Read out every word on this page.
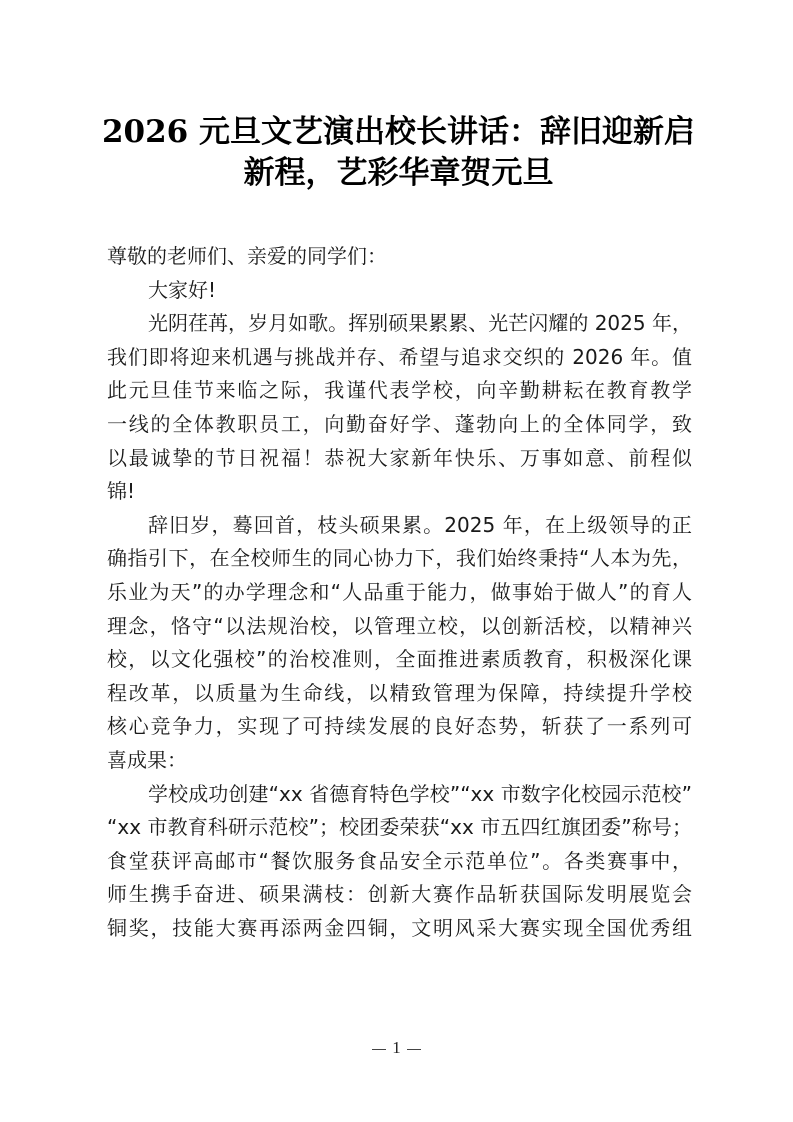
2026 元旦文艺演出校长讲话：辞旧迎新启
新程，艺彩华章贺元旦
尊敬的老师们、亲爱的同学们：
大家好!
光阴荏苒，岁月如歌。挥别硕果累累、光芒闪耀的 2025 年，
我们即将迎来机遇与挑战并存、希望与追求交织的 2026 年。值
此元旦佳节来临之际，我谨代表学校，向辛勤耕耘在教育教学
一线的全体教职员工，向勤奋好学、蓬勃向上的全体同学，致
以最诚挚的节日祝福！恭祝大家新年快乐、万事如意、前程似
锦!
辞旧岁，蓦回首，枝头硕果累。2025 年，在上级领导的正
确指引下，在全校师生的同心协力下，我们始终秉持“人本为先，
乐业为天”的办学理念和“人品重于能力，做事始于做人”的育人
理念，恪守“以法规治校，以管理立校，以创新活校，以精神兴
校，以文化强校”的治校准则，全面推进素质教育，积极深化课
程改革，以质量为生命线，以精致管理为保障，持续提升学校
核心竞争力，实现了可持续发展的良好态势，斩获了一系列可
喜成果：
学校成功创建“xx 省德育特色学校”“xx 市数字化校园示范校”
“xx 市教育科研示范校”；校团委荣获“xx 市五四红旗团委”称号；
食堂获评高邮市“餐饮服务食品安全示范单位”。各类赛事中，
师生携手奋进、硕果满枝：创新大赛作品斩获国际发明展览会
铜奖，技能大赛再添两金四铜，文明风采大赛实现全国优秀组
1
